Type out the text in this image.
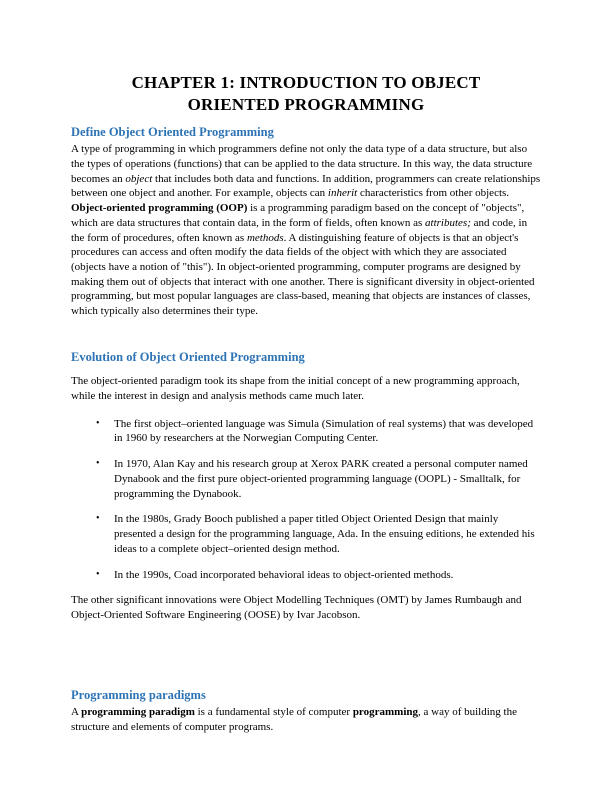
CHAPTER 1: INTRODUCTION TO OBJECT ORIENTED PROGRAMMING
Define Object Oriented Programming

A type of programming in which programmers define not only the data type of a data structure, but also the types of operations (functions) that can be applied to the data structure. In this way, the data structure becomes an object that includes both data and functions. In addition, programmers can create relationships between one object and another. For example, objects can inherit characteristics from other objects.

Object-oriented programming (OOP) is a programming paradigm based on the concept of "objects", which are data structures that contain data, in the form of fields, often known as attributes; and code, in the form of procedures, often known as methods. A distinguishing feature of objects is that an object's procedures can access and often modify the data fields of the object with which they are associated (objects have a notion of "this"). In object-oriented programming, computer programs are designed by making them out of objects that interact with one another. There is significant diversity in object-oriented programming, but most popular languages are class-based, meaning that objects are instances of classes, which typically also determines their type.

Evolution of Object Oriented Programming

The object-oriented paradigm took its shape from the initial concept of a new programming approach, while the interest in design and analysis methods came much later.

•	The first object–oriented language was Simula (Simulation of real systems) that was developed in 1960 by researchers at the Norwegian Computing Center.
•	In 1970, Alan Kay and his research group at Xerox PARK created a personal computer named Dynabook and the first pure object-oriented programming language (OOPL) - Smalltalk, for programming the Dynabook.
•	In the 1980s, Grady Booch published a paper titled Object Oriented Design that mainly presented a design for the programming language, Ada. In the ensuing editions, he extended his ideas to a complete object–oriented design method.
•	In the 1990s, Coad incorporated behavioral ideas to object-oriented methods.

The other significant innovations were Object Modelling Techniques (OMT) by James Rumbaugh and Object-Oriented Software Engineering (OOSE) by Ivar Jacobson.

Programming paradigms

A programming paradigm is a fundamental style of computer programming, a way of building the structure and elements of computer programs.
